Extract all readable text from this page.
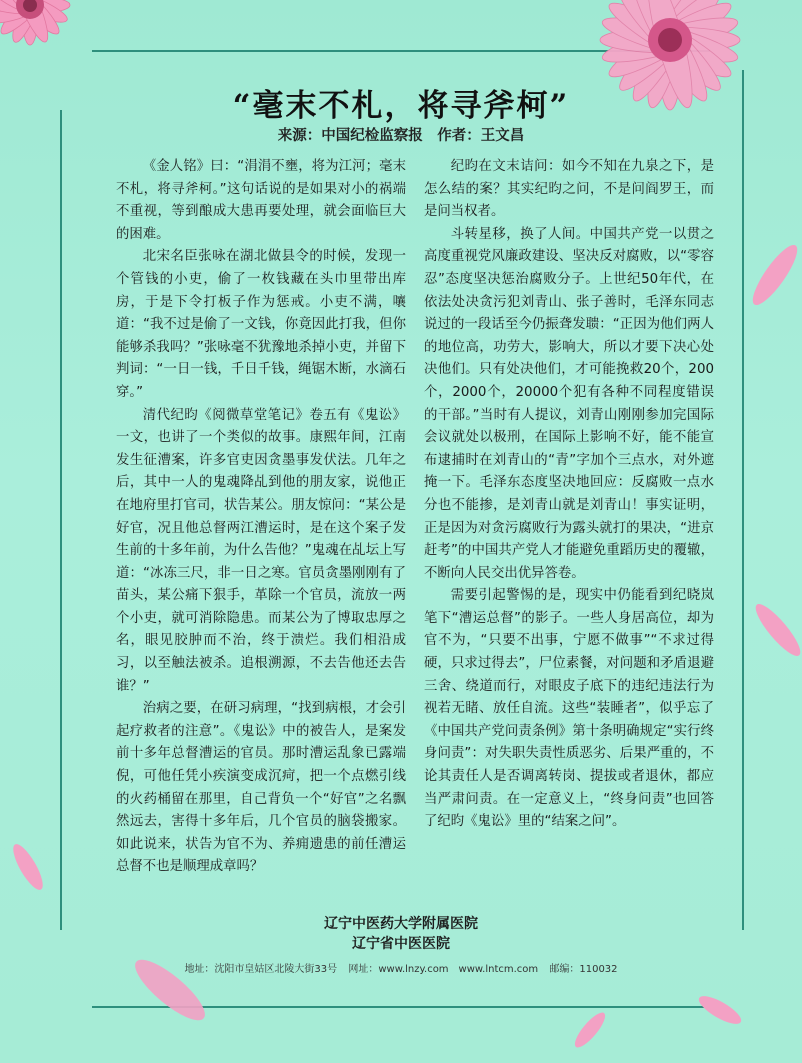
“毫末不札，将寻斧柯”
来源：中国纪检监察报　作者：王文昌

《金人铭》曰：“涓涓不壅，将为江河；毫末不札，将寻斧柯。”这句话说的是如果对小的祸端不重视，等到酿成大患再要处理，就会面临巨大的困难。

北宋名臣张咏在湖北做县令的时候，发现一个管钱的小吏，偷了一枚钱藏在头巾里带出库房，于是下令打板子作为惩戒。小吏不满，嚷道：“我不过是偷了一文钱，你竟因此打我，但你能够杀我吗？”张咏毫不犹豫地杀掉小吏，并留下判词：“一日一钱，千日千钱，绳锯木断，水滴石穿。”

清代纪昀《阅微草堂笔记》卷五有《鬼讼》一文，也讲了一个类似的故事。康熙年间，江南发生征漕案，许多官吏因贪墨事发伏法。几年之后，其中一人的鬼魂降乩到他的朋友家，说他正在地府里打官司，状告某公。朋友惊问：“某公是好官，况且他总督两江漕运时，是在这个案子发生前的十多年前，为什么告他？”鬼魂在乩坛上写道：“冰冻三尺，非一日之寒。官员贪墨刚刚有了苗头，某公痛下狠手，革除一个官员，流放一两个小吏，就可消除隐患。而某公为了博取忠厚之名，眼见胶肿而不治，终于溃烂。我们相沿成习，以至触法被杀。追根溯源，不去告他还去告谁？”

治病之要，在研习病理，“找到病根，才会引起疗救者的注意”。《鬼讼》中的被告人，是案发前十多年总督漕运的官员。那时漕运乱象已露端倪，可他任凭小疾演变成沉疴，把一个点燃引线的火药桶留在那里，自己背负一个“好官”之名飘然远去，害得十多年后，几个官员的脑袋搬家。如此说来，状告为官不为、养痈遗患的前任漕运总督不也是顺理成章吗？

纪昀在文末诘问：如今不知在九泉之下，是怎么结的案？其实纪昀之问，不是问阎罗王，而是问当权者。

斗转星移，换了人间。中国共产党一以贯之高度重视党风廉政建设、坚决反对腐败，以“零容忍”态度坚决惩治腐败分子。上世纪50年代，在依法处决贪污犯刘青山、张子善时，毛泽东同志说过的一段话至今仍振聋发聩：“正因为他们两人的地位高，功劳大，影响大，所以才要下决心处决他们。只有处决他们，才可能挽救20个，200个，2000个，20000个犯有各种不同程度错误的干部。”当时有人提议，刘青山刚刚参加完国际会议就处以极刑，在国际上影响不好，能不能宣布逮捕时在刘青山的“青”字加个三点水，对外遮掩一下。毛泽东态度坚决地回应：反腐败一点水分也不能掺，是刘青山就是刘青山！事实证明，正是因为对贪污腐败行为露头就打的果决，“进京赶考”的中国共产党人才能避免重蹈历史的覆辙，不断向人民交出优异答卷。

需要引起警惕的是，现实中仍能看到纪晓岚笔下“漕运总督”的影子。一些人身居高位，却为官不为，“只要不出事，宁愿不做事”“不求过得硬，只求过得去”，尸位素餐，对问题和矛盾退避三舍、绕道而行，对眼皮子底下的违纪违法行为视若无睹、放任自流。这些“装睡者”，似乎忘了《中国共产党问责条例》第十条明确规定“实行终身问责”：对失职失责性质恶劣、后果严重的，不论其责任人是否调离转岗、提拔或者退休，都应当严肃问责。在一定意义上，“终身问责”也回答了纪昀《鬼讼》里的“结案之问”。

辽宁中医药大学附属医院
辽宁省中医医院
地址：沈阳市皇姑区北陵大街33号 网址：www.lnzy.com　www.lntcm.com 邮编：110032
